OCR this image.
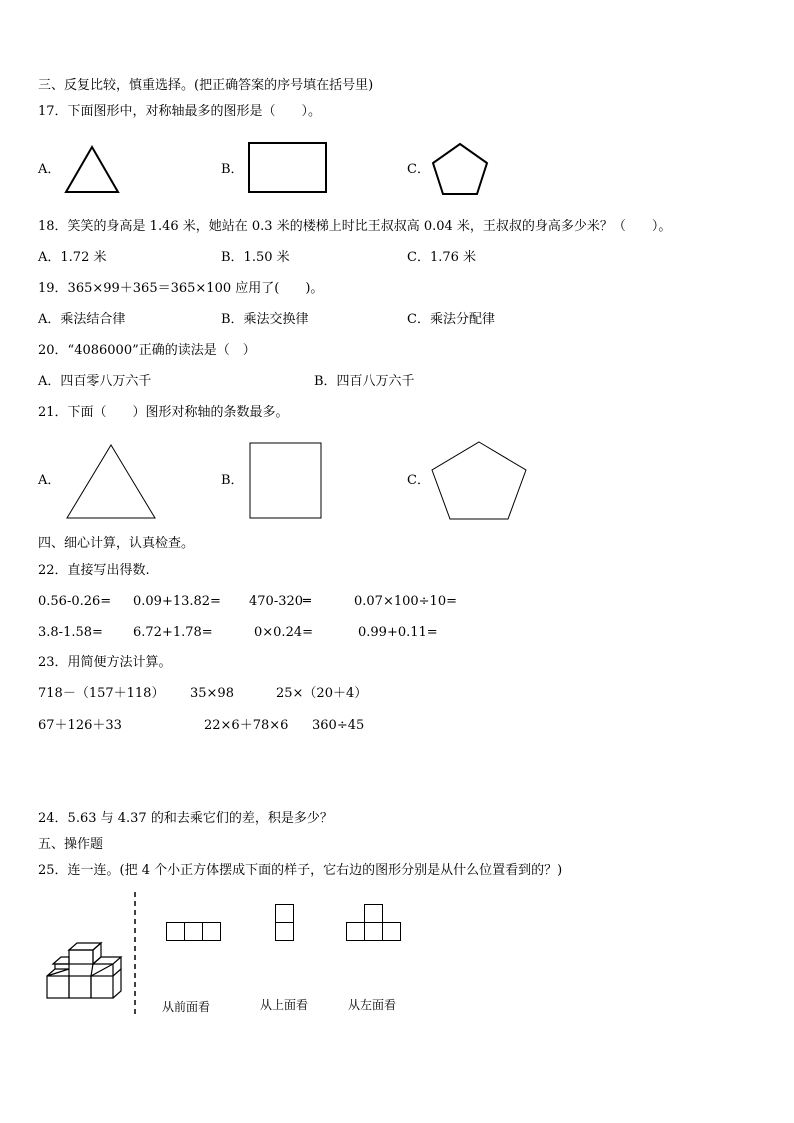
三、反复比较，慎重选择。(把正确答案的序号填在括号里)
17．下面图形中，对称轴最多的图形是（　　）。
A．	B．	C．
18．笑笑的身高是 1.46 米，她站在 0.3 米的楼梯上时比王叔叔高 0.04 米，王叔叔的身高多少米？（　　）。
A．1.72 米	B．1.50 米	C．1.76 米
19．365×99＋365＝365×100 应用了(　　)。
A．乘法结合律	B．乘法交换律	C．乘法分配律
20．“4086000”正确的读法是（　）
A．四百零八万六千	B．四百八万六千
21．下面（　　）图形对称轴的条数最多。
A．	B．	C．
四、细心计算，认真检查。
22．直接写出得数.
0.56-0.26= 0.09+13.82= 470-320═	0.07×100÷10=
3.8-1.58= 6.72+1.78=	0×0.24=	0.99+0.11=
23．用简便方法计算。
718－（157＋118） 35×98	25×（20＋4）
67＋126＋33	22×6＋78×6 360÷45
24．5.63 与 4.37 的和去乘它们的差，积是多少？
五、操作题
25．连一连。(把 4 个小正方体摆成下面的样子，它右边的图形分别是从什么位置看到的？)
从前面看	从上面看	从左面看
